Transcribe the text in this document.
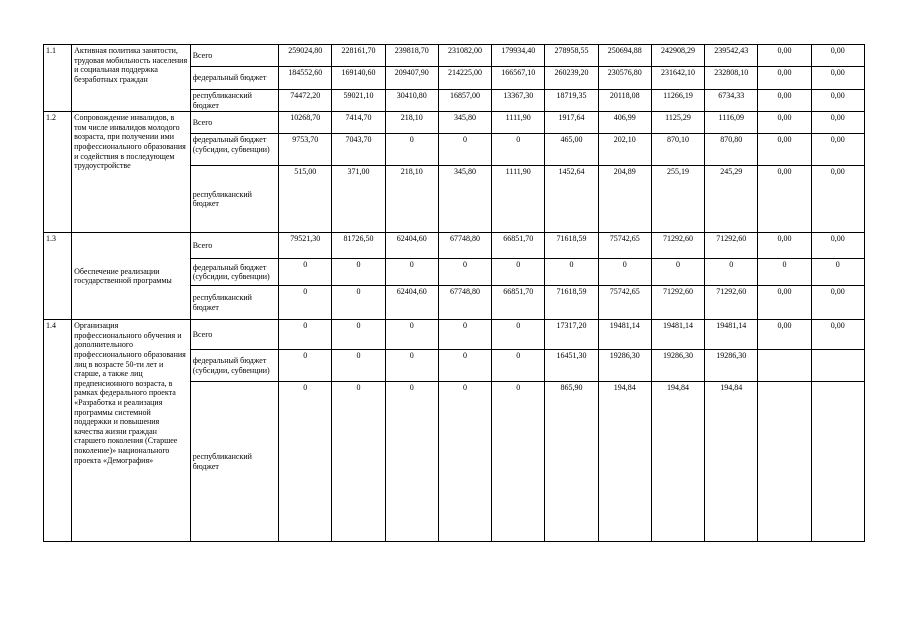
1.1	Активная политика занятости, трудовая мобильность населения и социальная поддержка безработных граждан	Всего	259024,80	228161,70	239818,70	231082,00	179934,40	278958,55	250694,88	242908,29	239542,43	0,00	0,00
		федеральный бюджет	184552,60	169140,60	209407,90	214225,00	166567,10	260239,20	230576,80	231642,10	232808,10	0,00	0,00
		республиканский бюджет	74472,20	59021,10	30410,80	16857,00	13367,30	18719,35	20118,08	11266,19	6734,33	0,00	0,00
1.2	Сопровождение инвалидов, в том числе инвалидов молодого возраста, при получении ими профессионального образования и содействия в последующем трудоустройстве	Всего	10268,70	7414,70	218,10	345,80	1111,90	1917,64	406,99	1125,29	1116,09	0,00	0,00
		федеральный бюджет (субсидии, субвенции)	9753,70	7043,70	0	0	0	465,00	202,10	870,10	870,80	0,00	0,00
		республиканский бюджет	515,00	371,00	218,10	345,80	1111,90	1452,64	204,89	255,19	245,29	0,00	0,00
1.3	Обеспечение реализации государственной программы	Всего	79521,30	81726,50	62404,60	67748,80	66851,70	71618,59	75742,65	71292,60	71292,60	0,00	0,00
		федеральный бюджет (субсидии, субвенции)	0	0	0	0	0	0	0	0	0	0	0
		республиканский бюджет	0	0	62404,60	67748,80	66851,70	71618,59	75742,65	71292,60	71292,60	0,00	0,00
1.4	Организация профессионального обучения и дополнительного профессионального образования лиц в возрасте 50-ти лет и старше, а также лиц предпенсионного возраста, в рамках федерального проекта «Разработка и реализация программы системной поддержки и повышения качества жизни граждан старшего поколения (Старшее поколение)» национального проекта «Демография»	Всего	0	0	0	0	0	17317,20	19481,14	19481,14	19481,14	0,00	0,00
		федеральный бюджет (субсидии, субвенции)	0	0	0	0	0	16451,30	19286,30	19286,30	19286,30		
		республиканский бюджет	0	0	0	0	0	865,90	194,84	194,84	194,84		
